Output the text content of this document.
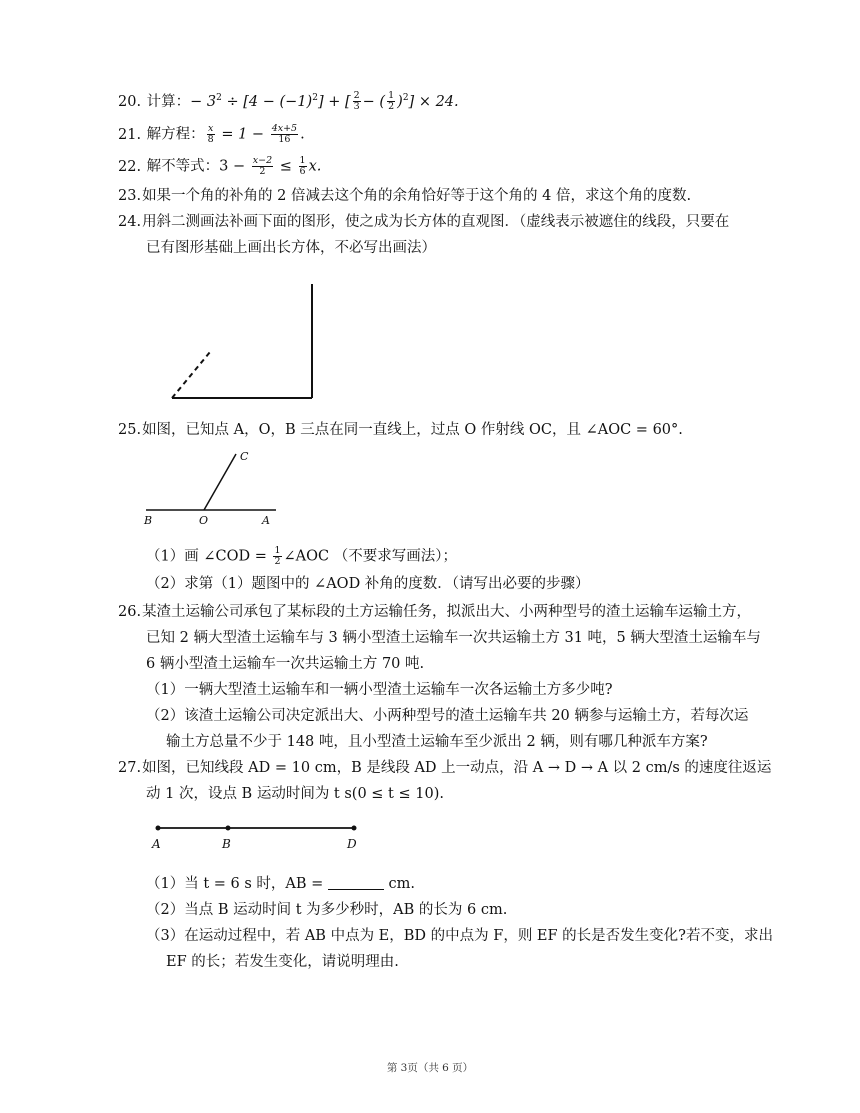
20. 计算：− $3^2 \div [4 - (-1)^2]$ + [ $\frac{2}{3}$ − ( $\frac{1}{2} )^2] \times 24$.
21. 解方程： $\frac{x}{8} = 1 - \frac{4x+5}{16}$ .
22. 解不等式：$3 - \frac{x-2}{2} \le \frac{1}{6} x$.
23.如果一个角的补角的 2 倍减去这个角的余角恰好等于这个角的 4 倍，求这个角的度数.
24.用斜二测画法补画下面的图形，使之成为长方体的直观图．（虚线表示被遮住的线段，只要在
已有图形基础上画出长方体，不必写出画法）
25.如图，已知点 A，O，B 三点在同一直线上，过点 O 作射线 OC，且 ∠AOC = 60°.
C
B	O	A
（1）画 ∠COD = $\frac{1}{2}$ ∠AOC （不要求写画法）；
（2）求第（1）题图中的 ∠AOD 补角的度数．（请写出必要的步骤）
26.某渣土运输公司承包了某标段的土方运输任务，拟派出大、小两种型号的渣土运输车运输土方，
已知 2 辆大型渣土运输车与 3 辆小型渣土运输车一次共运输土方 31 吨，5 辆大型渣土运输车与
6 辆小型渣土运输车一次共运输土方 70 吨.
（1）一辆大型渣土运输车和一辆小型渣土运输车一次各运输土方多少吨?
（2）该渣土运输公司决定派出大、小两种型号的渣土运输车共 20 辆参与运输土方，若每次运
输土方总量不少于 148 吨，且小型渣土运输车至少派出 2 辆，则有哪几种派车方案?
27.如图，已知线段 AD = 10 cm，B 是线段 AD 上一动点，沿 A → D → A 以 2 cm/s 的速度往返运
动 1 次，设点 B 运动时间为 t s(0 ≤ t ≤ 10).
A	B	D
（1）当 t = 6 s 时，AB =	cm.
（2）当点 B 运动时间 t 为多少秒时，AB 的长为 6 cm.
（3）在运动过程中，若 AB 中点为 E，BD 的中点为 F，则 EF 的长是否发生变化?若不变，求出
EF 的长；若发生变化，请说明理由.
第 3页（共 6 页）
